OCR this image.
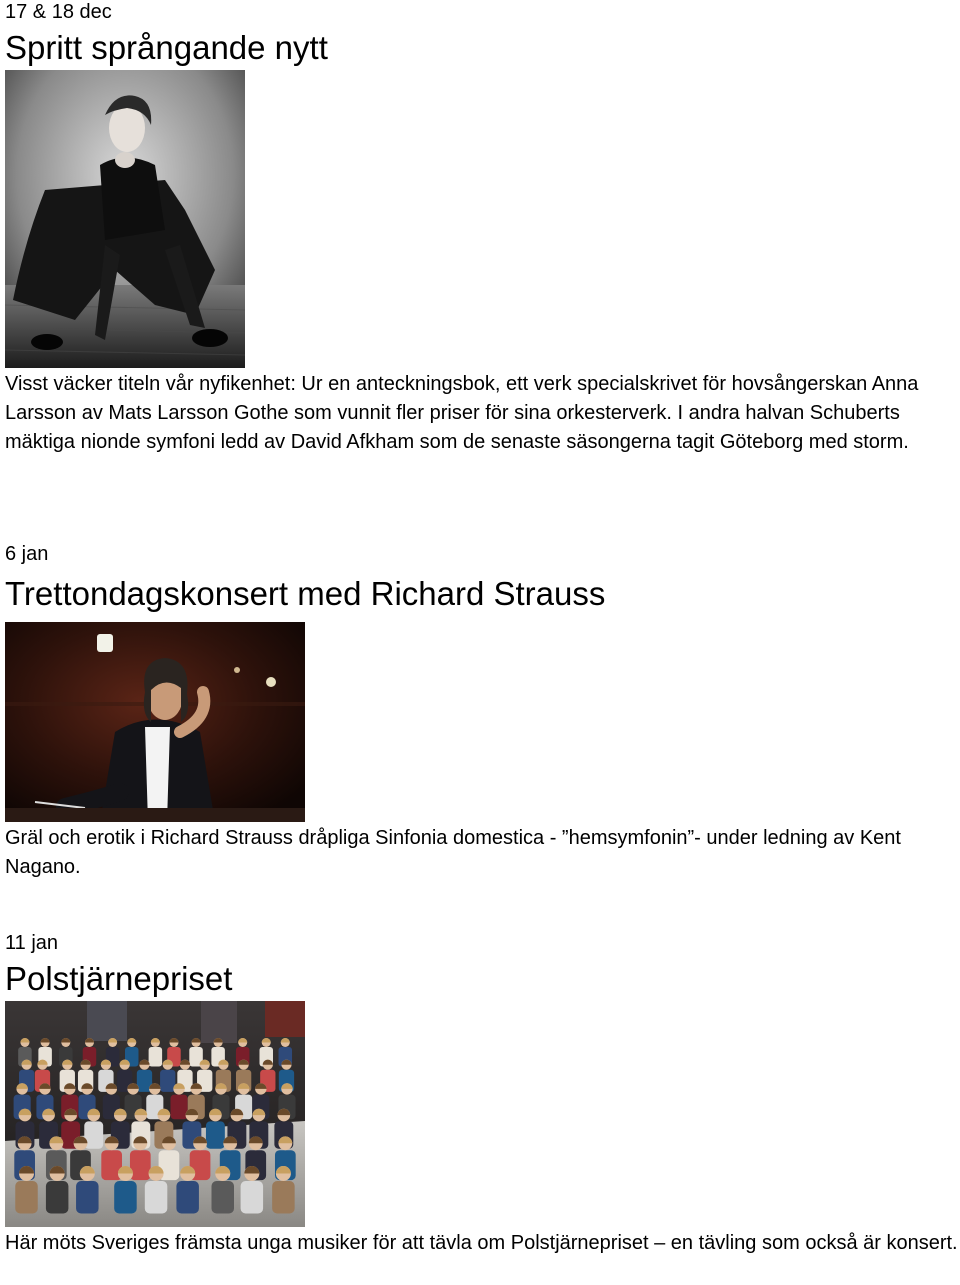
17 & 18 dec

Spritt språngande nytt

Visst väcker titeln vår nyfikenhet: Ur en anteckningsbok, ett verk specialskrivet för hovsångerskan Anna Larsson av Mats Larsson Gothe som vunnit fler priser för sina orkesterverk. I andra halvan Schuberts mäktiga nionde symfoni ledd av David Afkham som de senaste säsongerna tagit Göteborg med storm.

6 jan

Trettondagskonsert med Richard Strauss

Gräl och erotik i Richard Strauss dråpliga Sinfonia domestica - ”hemsymfonin”- under ledning av Kent Nagano.

11 jan

Polstjärnepriset

Här möts Sveriges främsta unga musiker för att tävla om Polstjärnepriset – en tävling som också är konsert.
